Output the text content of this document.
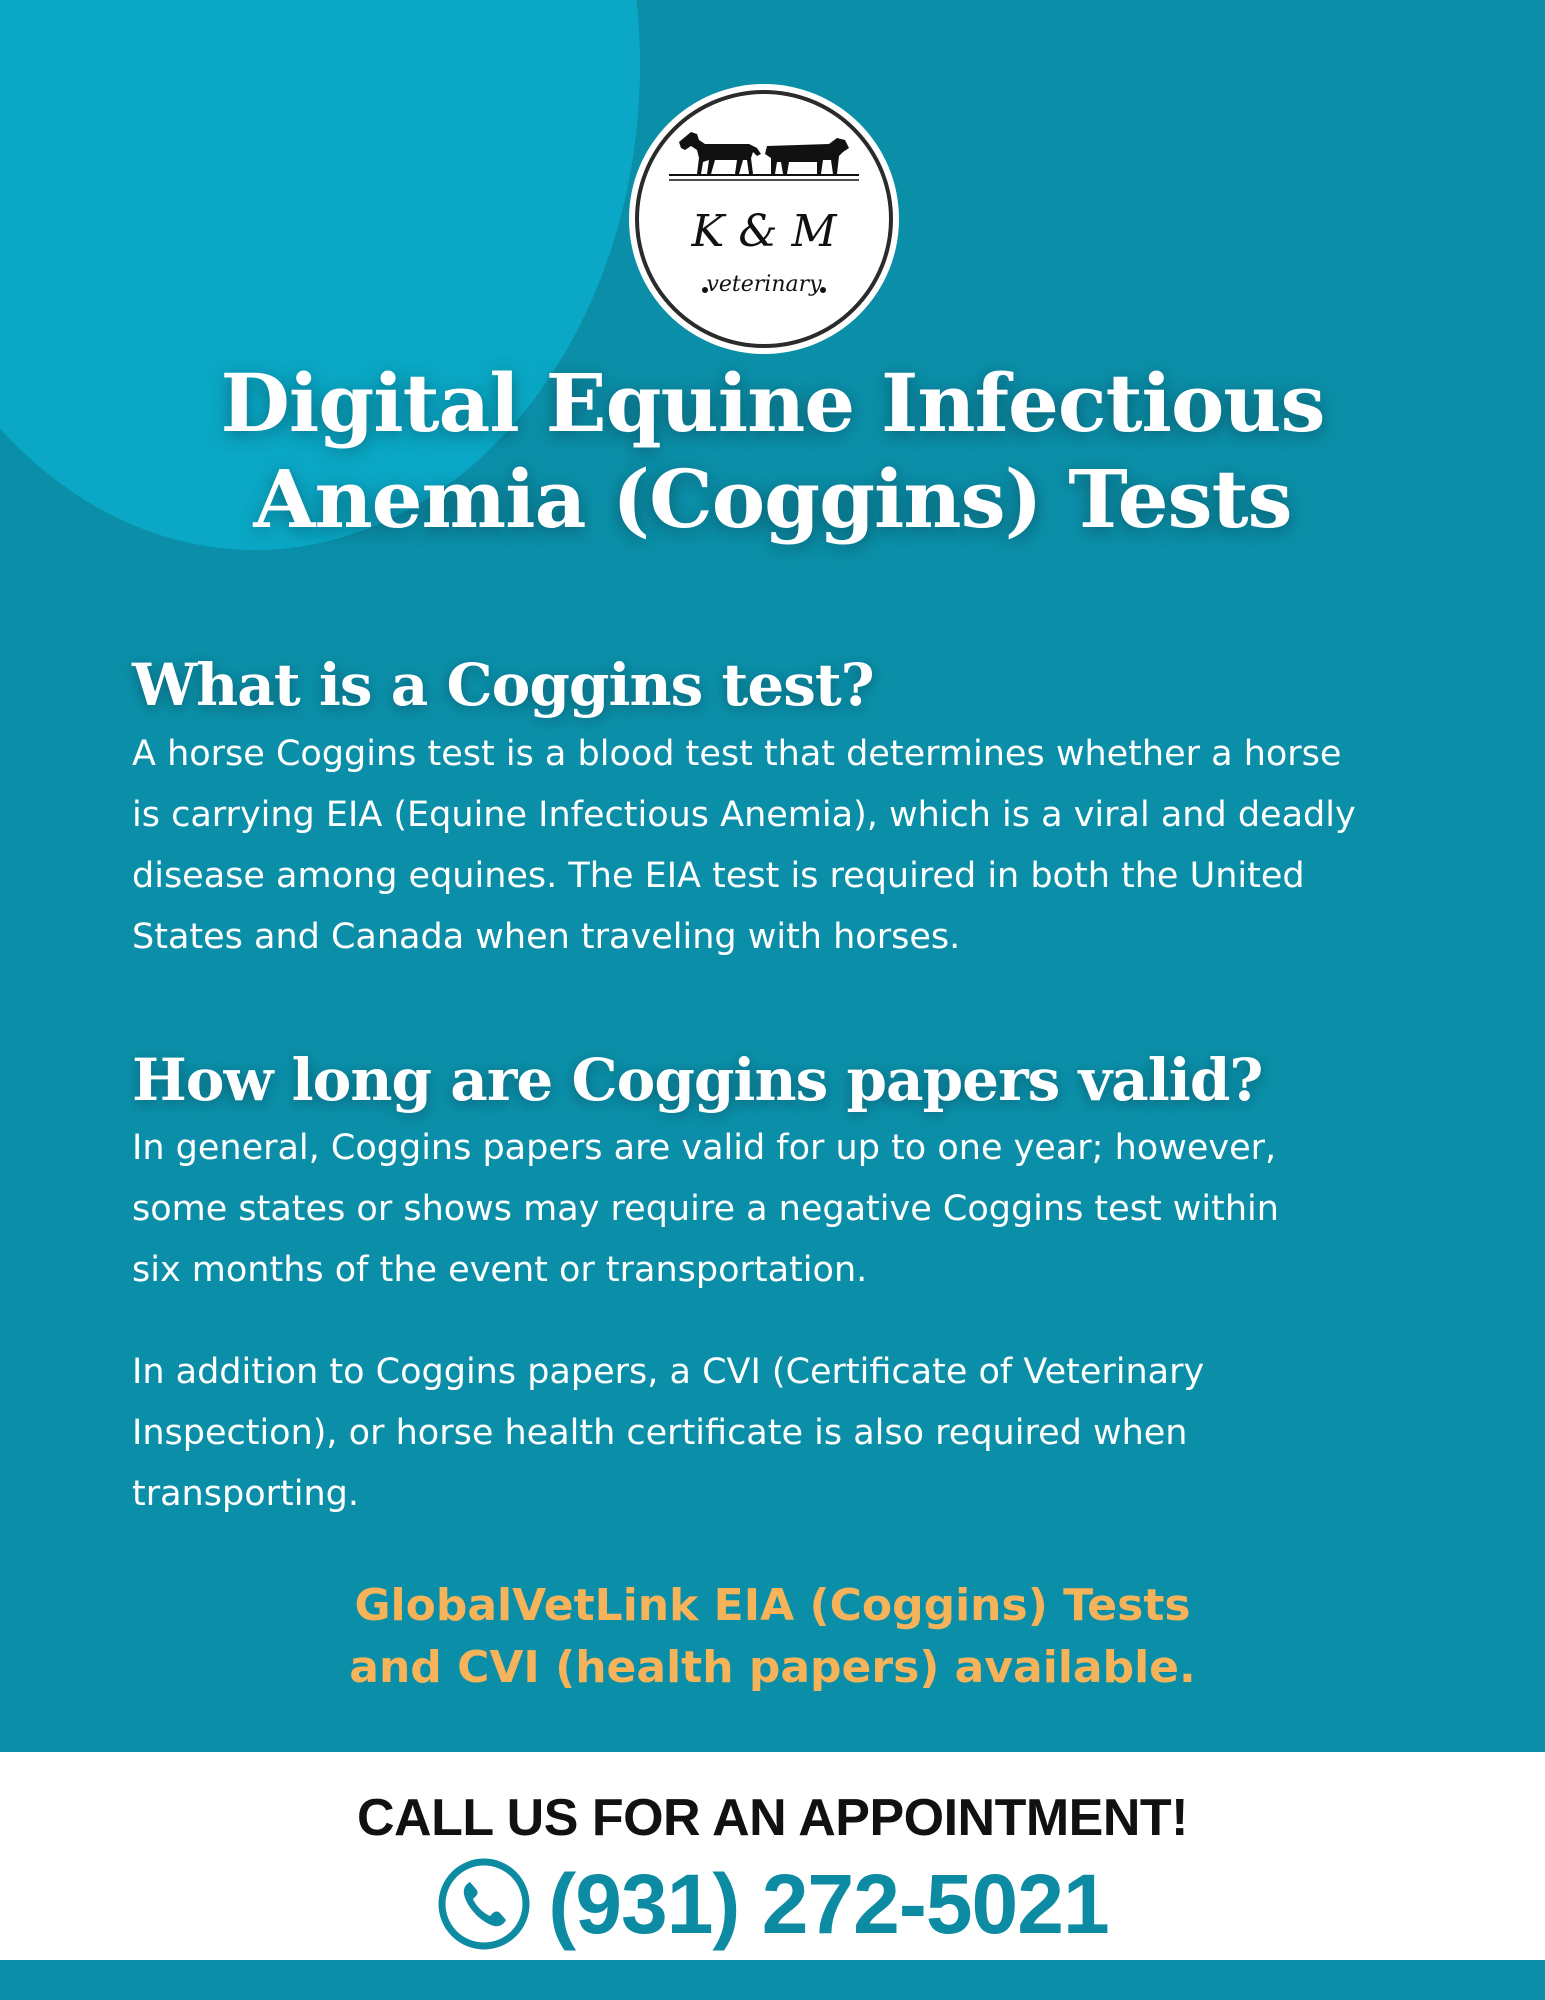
K & M
veterinary
Digital Equine Infectious
Anemia (Coggins) Tests
What is a Coggins test?
A horse Coggins test is a blood test that determines whether a horse
is carrying EIA (Equine Infectious Anemia), which is a viral and deadly
disease among equines. The EIA test is required in both the United
States and Canada when traveling with horses.
How long are Coggins papers valid?
In general, Coggins papers are valid for up to one year; however,
some states or shows may require a negative Coggins test within
six months of the event or transportation.
In addition to Coggins papers, a CVI (Certificate of Veterinary
Inspection), or horse health certificate is also required when
transporting.
GlobalVetLink EIA (Coggins) Tests
and CVI (health papers) available.
CALL US FOR AN APPOINTMENT!
(931) 272-5021
